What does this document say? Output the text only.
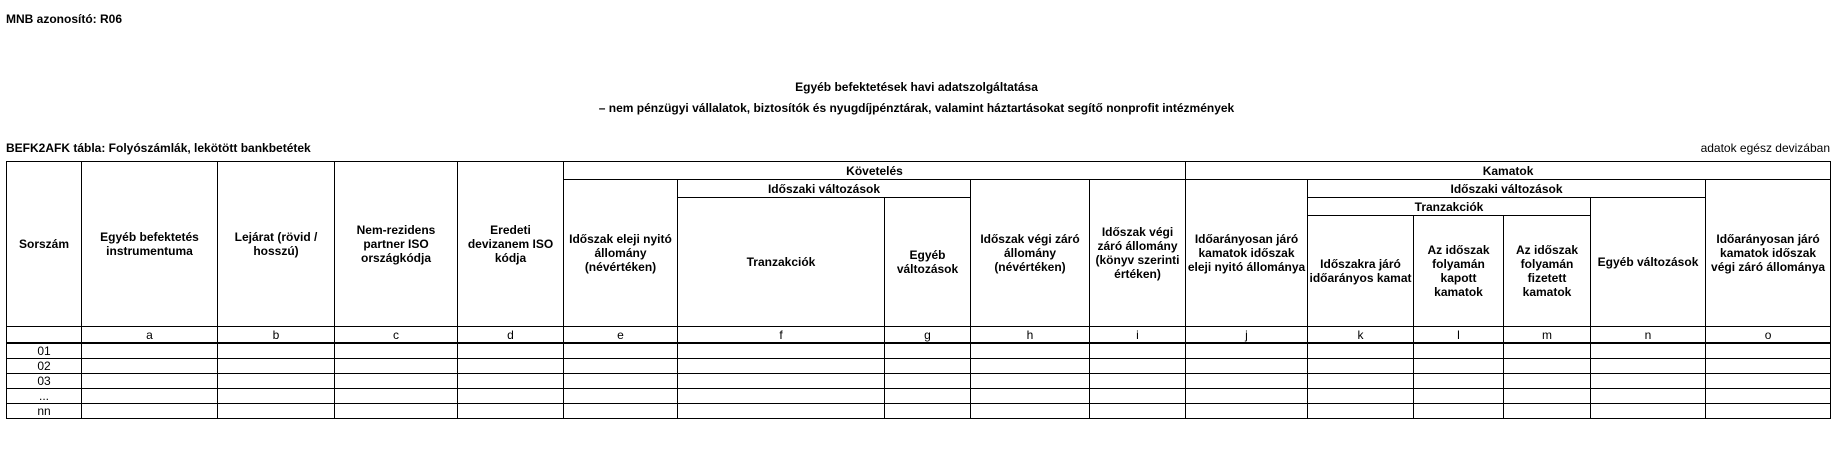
MNB azonosító: R06
Egyéb befektetések havi adatszolgáltatása
– nem pénzügyi vállalatok, biztosítók és nyugdíjpénztárak, valamint háztartásokat segítő nonprofit intézmények
BEFK2AFK tábla: Folyószámlák, lekötött bankbetétek	adatok egész devizában
Sorszám	Egyéb befektetés instrumentuma	Lejárat (rövid / hosszú)	Nem-rezidens partner ISO országkódja	Eredeti devizanem ISO kódja	Követelés					Kamatok					
					Időszak eleji nyitó állomány (névértéken)	Időszaki változások		Időszak végi záró állomány (névértéken)	Időszak végi záró állomány (könyv szerinti értéken)	Időarányosan járó kamatok időszak eleji nyitó állománya	Időszaki változások				Időarányosan járó kamatok időszak végi záró állománya
						Tranzakciók	Egyéb változások				Tranzakciók			Egyéb változások	
											Időszakra járó időarányos kamat	Az időszak folyamán kapott kamatok	Az időszak folyamán fizetett kamatok		
	a	b	c	d	e	f	g	h	i	j	k	l	m	n	o
01															
02															
03															
...															
nn															
